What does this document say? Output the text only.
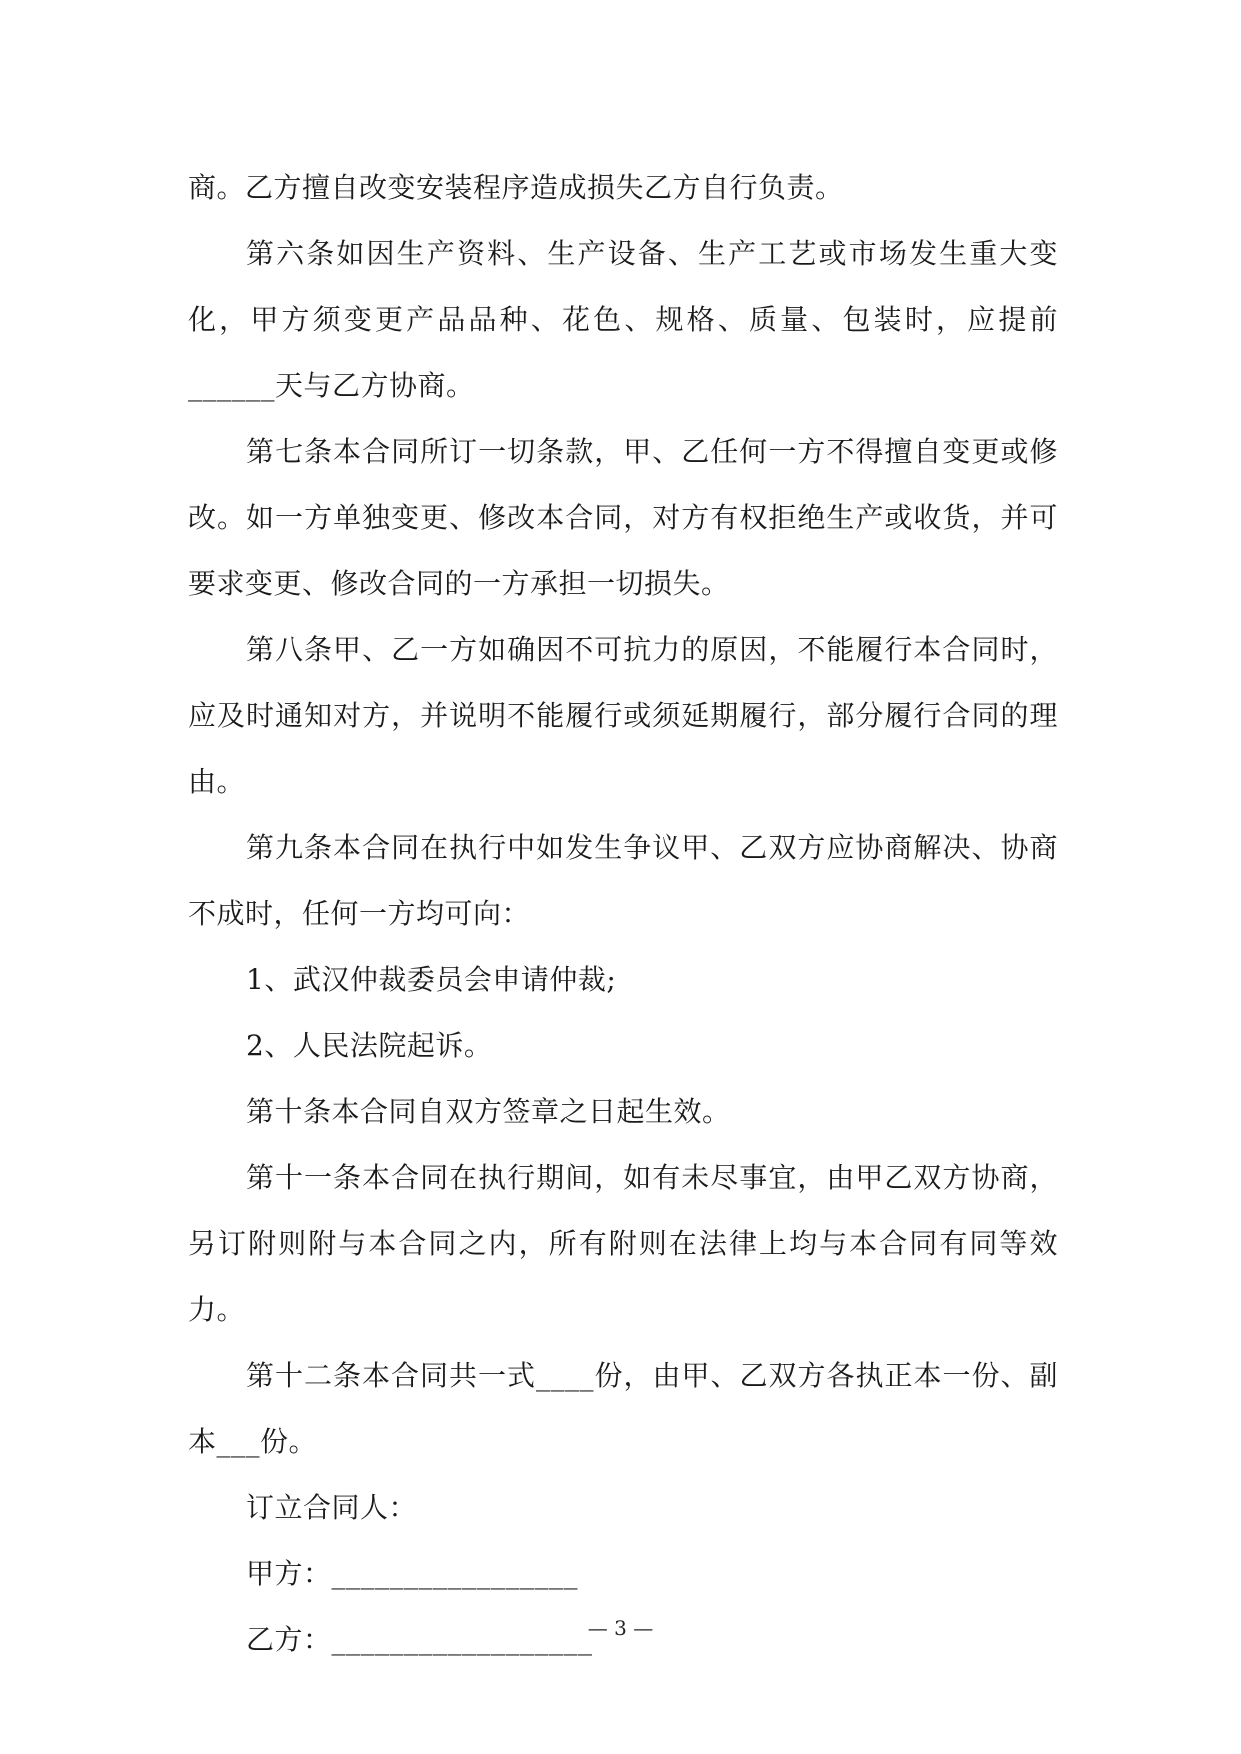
商。乙方擅自改变安装程序造成损失乙方自行负责。

第六条如因生产资料、生产设备、生产工艺或市场发生重大变化，甲方须变更产品品种、花色、规格、质量、包装时，应提前______天与乙方协商。

第七条本合同所订一切条款，甲、乙任何一方不得擅自变更或修改。如一方单独变更、修改本合同，对方有权拒绝生产或收货，并可要求变更、修改合同的一方承担一切损失。

第八条甲、乙一方如确因不可抗力的原因，不能履行本合同时，应及时通知对方，并说明不能履行或须延期履行，部分履行合同的理由。

第九条本合同在执行中如发生争议甲、乙双方应协商解决、协商不成时，任何一方均可向：

1、武汉仲裁委员会申请仲裁;

2、人民法院起诉。

第十条本合同自双方签章之日起生效。

第十一条本合同在执行期间，如有未尽事宜，由甲乙双方协商，另订附则附与本合同之内，所有附则在法律上均与本合同有同等效力。

第十二条本合同共一式____份，由甲、乙双方各执正本一份、副本___份。

订立合同人：

甲方：_________________

乙方：__________________

— 3 —
